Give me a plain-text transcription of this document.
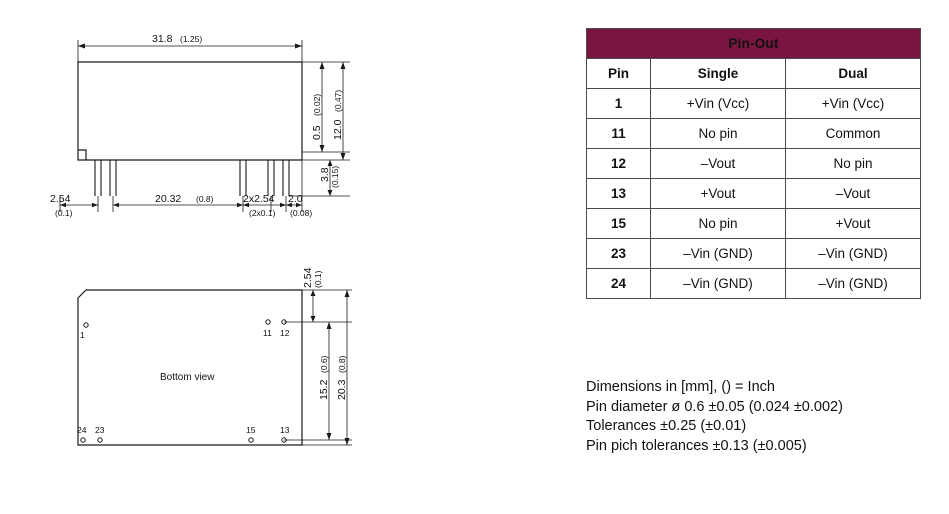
31.8 (1.25)
0.5
(0.02)
12.0
(0.47)
3.8 (0.15)
2.54
(0.1)
20.32 (0.8)	2x2.54
(2x0.1)
2.0
(0.08)
1	11 12
24 23	15	13
Bottom view
2.54 (0.1)
15.2
(0.6)
20.3
(0.8)
Pin-Out		
Pin	Single	Dual
1	+Vin (Vcc)	+Vin (Vcc)
11	No pin	Common
12	–Vout	No pin
13	+Vout	–Vout
15	No pin	+Vout
23	–Vin (GND)	–Vin (GND)
24	–Vin (GND)	–Vin (GND)
Dimensions in [mm], () = Inch
Pin diameter ø 0.6 ±0.05 (0.024 ±0.002)
Tolerances ±0.25 (±0.01)
Pin pich tolerances ±0.13 (±0.005)
